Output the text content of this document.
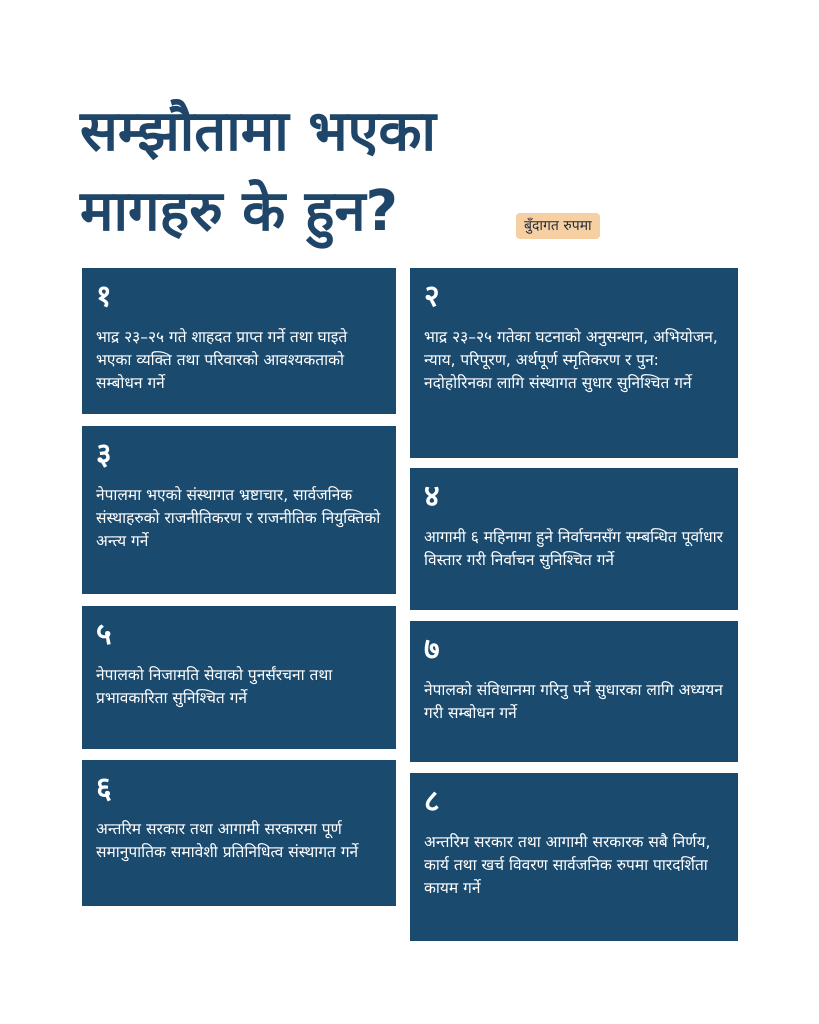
सम्झौतामा भएका
मागहरु के हुन?	बुँदागत रुपमा
१
भाद्र २३–२५ गते शाहदत प्राप्त गर्ने तथा घाइते भएका व्यक्ति तथा परिवारको आवश्यकताको सम्बोधन गर्ने
३
नेपालमा भएको संस्थागत भ्रष्टाचार, सार्वजनिक संस्थाहरुको राजनीतिकरण र राजनीतिक नियुक्तिको अन्त्य गर्ने
५
नेपालको निजामति सेवाको पुनर्संरचना तथा प्रभावकारिता सुनिश्चित गर्ने
६
अन्तरिम सरकार तथा आगामी सरकारमा पूर्ण समानुपातिक समावेशी प्रतिनिधित्व संस्थागत गर्ने
२
भाद्र २३–२५ गतेका घटनाको अनुसन्धान, अभियोजन, न्याय, परिपूरण, अर्थपूर्ण स्मृतिकरण र पुन: नदोहोरिनका लागि संस्थागत सुधार सुनिश्चित गर्ने
४
आगामी ६ महिनामा हुने निर्वाचनसँग सम्बन्धित पूर्वाधार विस्तार गरी निर्वाचन सुनिश्चित गर्ने
७
नेपालको संविधानमा गरिनु पर्ने सुधारका लागि अध्ययन गरी सम्बोधन गर्ने
८
अन्तरिम सरकार तथा आगामी सरकारक सबै निर्णय, कार्य तथा खर्च विवरण सार्वजनिक रुपमा पारदर्शिता कायम गर्ने
